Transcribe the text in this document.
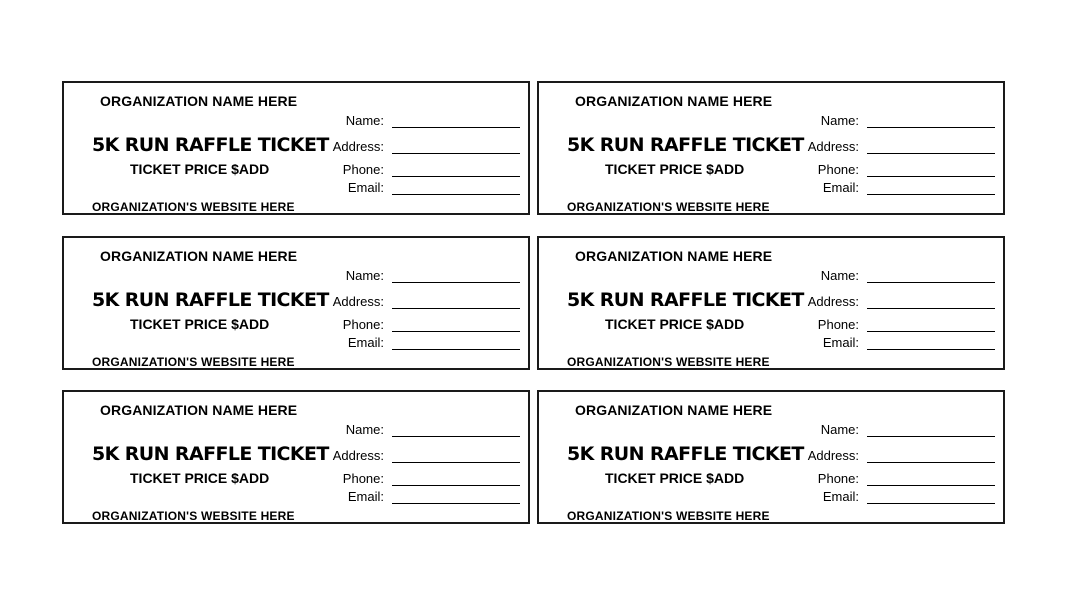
ORGANIZATION NAME HERE
5K RUN RAFFLE TICKET
TICKET PRICE $ADD
ORGANIZATION'S WEBSITE HERE
Name:
Address:
Phone:
Email:
ORGANIZATION NAME HERE
5K RUN RAFFLE TICKET
TICKET PRICE $ADD
ORGANIZATION'S WEBSITE HERE
Name:
Address:
Phone:
Email:
ORGANIZATION NAME HERE
5K RUN RAFFLE TICKET
TICKET PRICE $ADD
ORGANIZATION'S WEBSITE HERE
Name:
Address:
Phone:
Email:
ORGANIZATION NAME HERE
5K RUN RAFFLE TICKET
TICKET PRICE $ADD
ORGANIZATION'S WEBSITE HERE
Name:
Address:
Phone:
Email:
ORGANIZATION NAME HERE
5K RUN RAFFLE TICKET
TICKET PRICE $ADD
ORGANIZATION'S WEBSITE HERE
Name:
Address:
Phone:
Email:
ORGANIZATION NAME HERE
5K RUN RAFFLE TICKET
TICKET PRICE $ADD
ORGANIZATION'S WEBSITE HERE
Name:
Address:
Phone:
Email:
